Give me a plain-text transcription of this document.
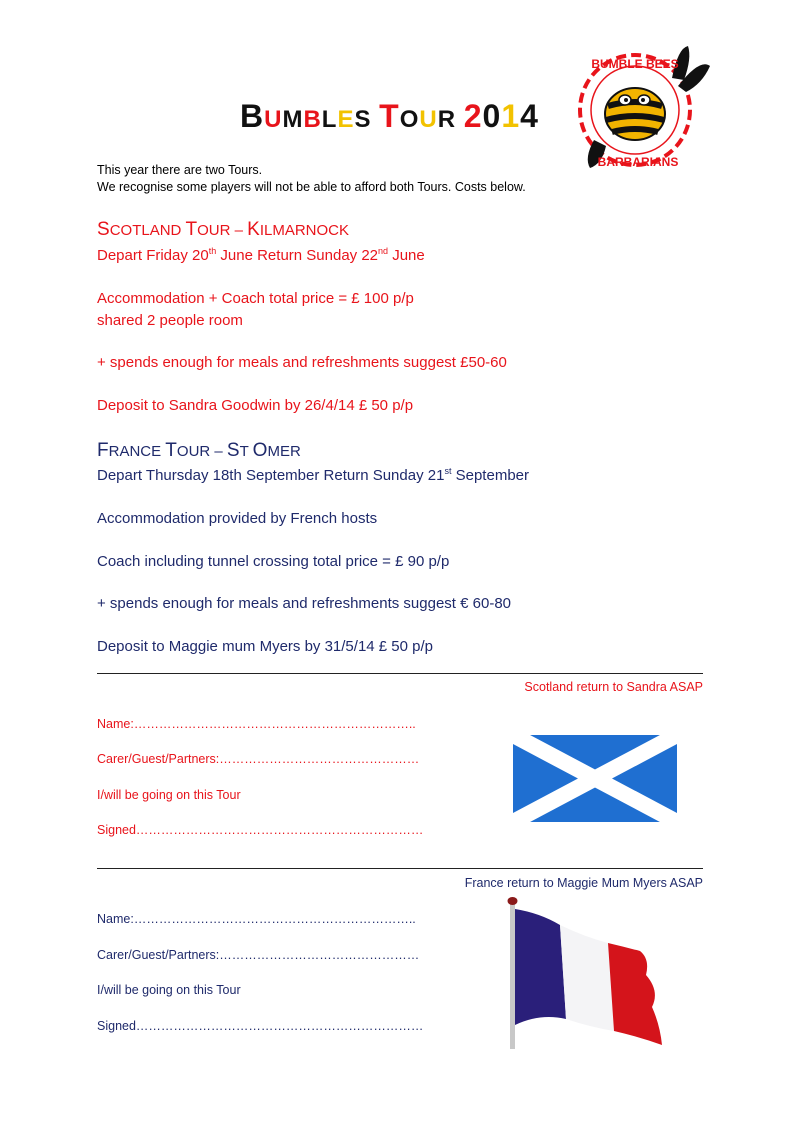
BUMBLES TOUR 2014
BUMBLE BEES
BARBARIANS
This year there are two Tours.
We recognise some players will not be able to afford both Tours. Costs below.
SCOTLAND TOUR – KILMARNOCK
Depart Friday 20th June Return Sunday 22nd June
Accommodation + Coach total price = £ 100 p/p
shared 2 people room
+ spends enough for meals and refreshments suggest £50-60
Deposit to Sandra Goodwin by 26/4/14 £ 50 p/p
FRANCE TOUR – ST OMER
Depart Thursday 18th September Return Sunday 21st September
Accommodation provided by French hosts
Coach including tunnel crossing total price = £ 90 p/p
+ spends enough for meals and refreshments suggest € 60-80
Deposit to Maggie mum Myers by 31/5/14 £ 50 p/p
Scotland return to Sandra ASAP
Name:…………………………………………………………..
Carer/Guest/Partners:…………………………………………
I/will be going on this Tour
Signed……………………………………………………………
France return to Maggie Mum Myers ASAP
Name:…………………………………………………………..
Carer/Guest/Partners:…………………………………………
I/will be going on this Tour
Signed……………………………………………………………
